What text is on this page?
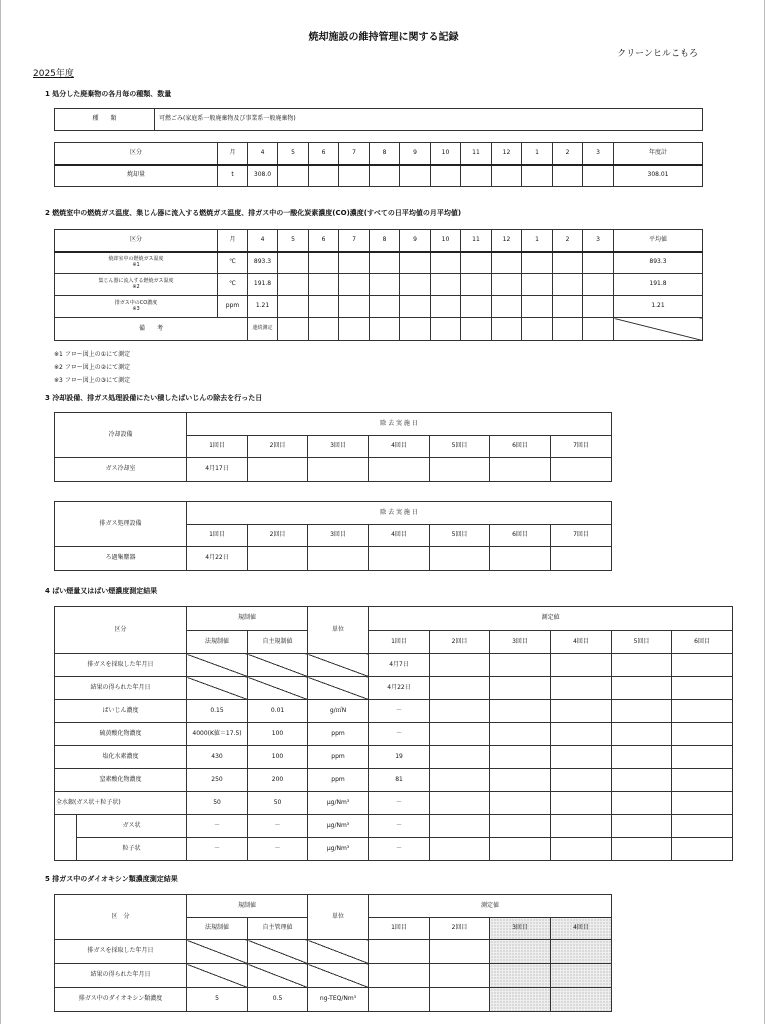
焼却施設の維持管理に関する記録
クリーンヒルこもろ
2025年度
1 処分した廃棄物の各月毎の種類、数量
種　　類	可燃ごみ(家庭系一般廃棄物及び事業系一般廃棄物)
区分	月	4	5	6	7	8	9	10	11	12	1	2	3	年度計
焼却量	t	308.0												308.01
2 燃焼室中の燃焼ガス温度、集じん器に流入する燃焼ガス温度、排ガス中の一酸化炭素濃度(CO)濃度(すべての日平均値の月平均値)
区分	月	4	5	6	7	8	9	10	11	12	1	2	3	平均値
焼却室中の燃焼ガス温度
※1	℃	893.3												893.3
集じん器に流入する燃焼ガス温度
※2	℃	191.8												191.8
排ガス中のCO濃度
※3	ppm	1.21												1.21
備　　考		連続測定												
※1 フロー図上の①にて測定
※2 フロー図上の②にて測定
※3 フロー図上の③にて測定
3 冷却設備、排ガス処理設備にたい積したばいじんの除去を行った日
冷却設備	除 去 実 施 日						
	1回目	2回目	3回目	4回目	5回目	6回目	7回目
ガス冷却室	4月17日						
排ガス処理設備	除 去 実 施 日						
	1回目	2回目	3回目	4回目	5回目	6回目	7回目
ろ過集塵器	4月22日						
4 ばい煙量又はばい煙濃度測定結果
区分		規制値		単位	測定値					
		法規制値	自主規制値		1回目	2回目	3回目	4回目	5回目	6回目
排ガスを採取した年月日					4月7日					
結果の得られた年月日					4月22日					
ばいじん濃度		0.15	0.01	g/㎥N	－					
硫黄酸化物濃度		4000(K値＝17.5)	100	ppm	－					
塩化水素濃度		430	100	ppm	19					
窒素酸化物濃度		250	200	ppm	81					
全水銀(ガス状＋粒子状)		50	50	μg/Nm³	－					
	ガス状	－	－	μg/Nm³	－					
	粒子状	－	－	μg/Nm³	－					
5 排ガス中のダイオキシン類濃度測定結果
区　分	規制値		単位	測定値			
	法規制値	自主管理値		1回目	2回目	3回目	4回目
排ガスを採取した年月日							
結果の得られた年月日							
排ガス中のダイオキシン類濃度	5	0.5	ng-TEQ/Nm³				
